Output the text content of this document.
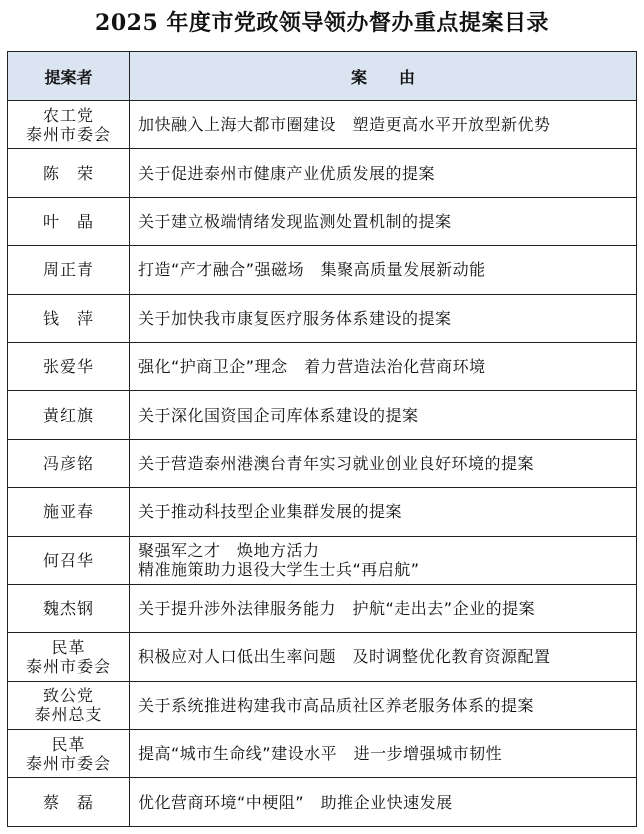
2025 年度市党政领导领办督办重点提案目录
提案者	案　　由

农工党
泰州市委会	加快融入上海大都市圈建设　塑造更高水平开放型新优势

陈　荣	关于促进泰州市健康产业优质发展的提案

叶　晶	关于建立极端情绪发现监测处置机制的提案

周正青	打造“产才融合”强磁场　集聚高质量发展新动能

钱　萍	关于加快我市康复医疗服务体系建设的提案

张爱华	强化“护商卫企”理念　着力营造法治化营商环境

黄红旗	关于深化国资国企司库体系建设的提案

冯彦铭	关于营造泰州港澳台青年实习就业创业良好环境的提案

施亚春	关于推动科技型企业集群发展的提案

何召华	聚强军之才　焕地方活力
精准施策助力退役大学生士兵“再启航”

魏杰钢	关于提升涉外法律服务能力　护航“走出去”企业的提案

民革
泰州市委会	积极应对人口低出生率问题　及时调整优化教育资源配置

致公党
泰州总支	关于系统推进构建我市高品质社区养老服务体系的提案

民革
泰州市委会	提高“城市生命线”建设水平　进一步增强城市韧性

蔡　磊	优化营商环境“中梗阻”　助推企业快速发展
